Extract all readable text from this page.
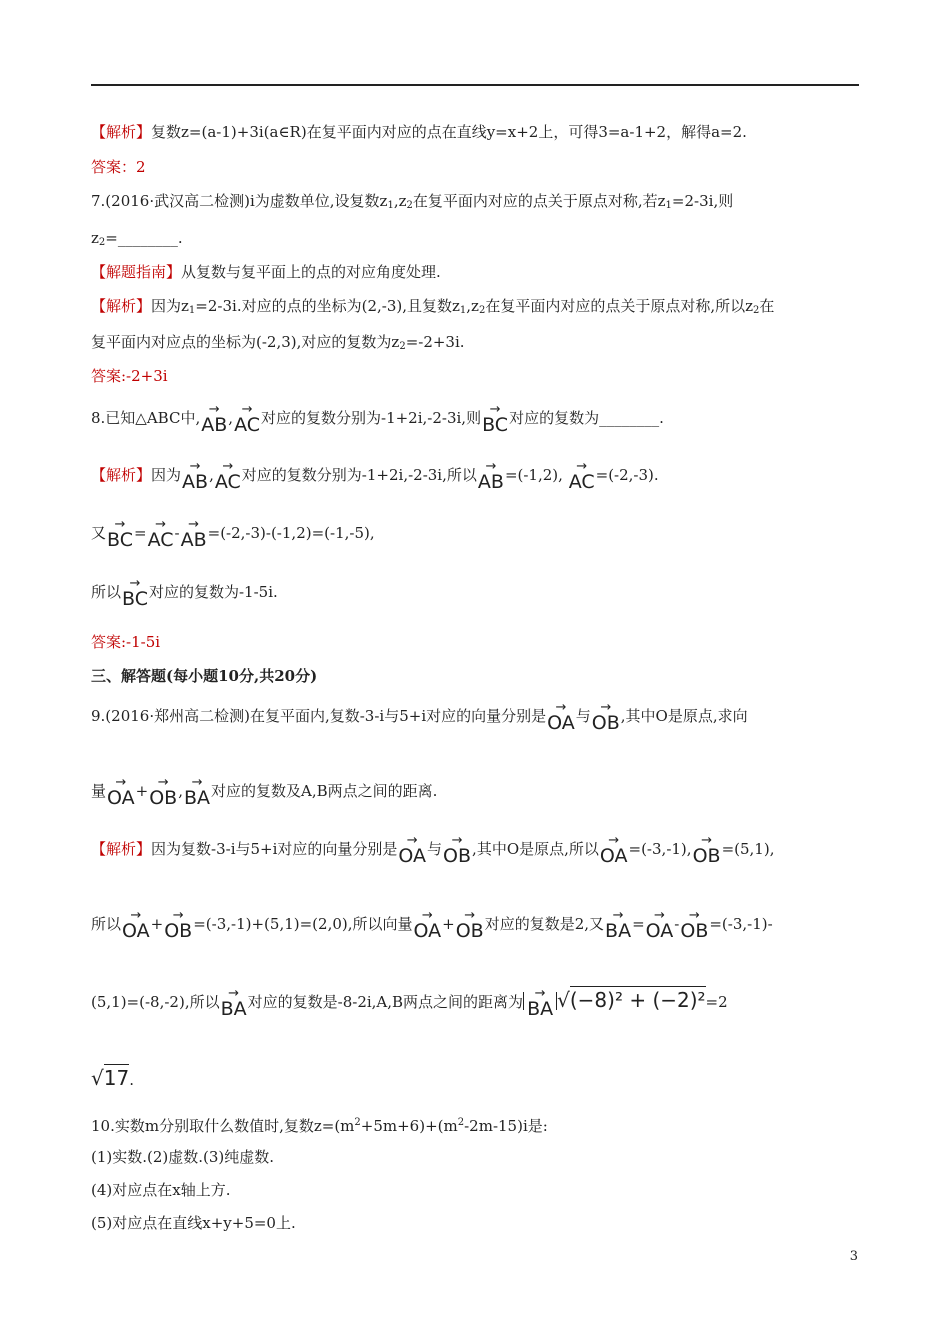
【解析】复数z=(a-1)+3i(a∈R)在复平面内对应的点在直线y=x+2上，可得3=a-1+2，解得a=2.
答案：2
7.(2016·武汉高二检测)i为虚数单位,设复数$z_1,z_2$在复平面内对应的点关于原点对称,若$z_1=2-3i$,则
$z_2=\_\_\_\_\_\_\_\_$.
【解题指南】从复数与复平面上的点的对应角度处理.
【解析】因为$z_1=2-3i$.对应的点的坐标为(2,-3),且复数$z_1,z_2$在复平面内对应的点关于原点对称,所以$z_2$在
复平面内对应点的坐标为(-2,3),对应的复数为$z_2=-2+3i$.
答案:-2+3i
8.已知△ABC中,→ AB,→ AC对应的复数分别为-1+2i,-2-3i,则→ BC对应的复数为________.
【解析】因为→ AB,→ AC对应的复数分别为-1+2i,-2-3i,所以→ AB=(-1,2), → AC=(-2,-3).
又→ BC=→ AC-→ AB=(-2,-3)-(-1,2)=(-1,-5),
所以→ BC对应的复数为-1-5i.
答案:-1-5i
三、解答题(每小题10分,共20分)
9.(2016·郑州高二检测)在复平面内,复数-3-i与5+i对应的向量分别是→ OA与→ OB,其中O是原点,求向
量→ OA+→ OB,→ BA对应的复数及A,B两点之间的距离.
【解析】因为复数-3-i与5+i对应的向量分别是→ OA与→ OB,其中O是原点,所以→ OA=(-3,-1),→ OB=(5,1),
所以→ OA+→ OB=(-3,-1)+(5,1)=(2,0),所以向量→ OA+→ OB对应的复数是2,又→ BA=→ OA-→ OB=(-3,-1)-
(5,1)=(-8,-2),所以→ BA对应的复数是-8-2i,A,B两点之间的距离为 → BA √(−8)² + (−2)²=2
√17.
10.实数m分别取什么数值时,复数$z=(m^2+5m+6)+(m^2-2m-15)i$是:
(1)实数.(2)虚数.(3)纯虚数.
(4)对应点在x轴上方.
(5)对应点在直线x+y+5=0上.
3
